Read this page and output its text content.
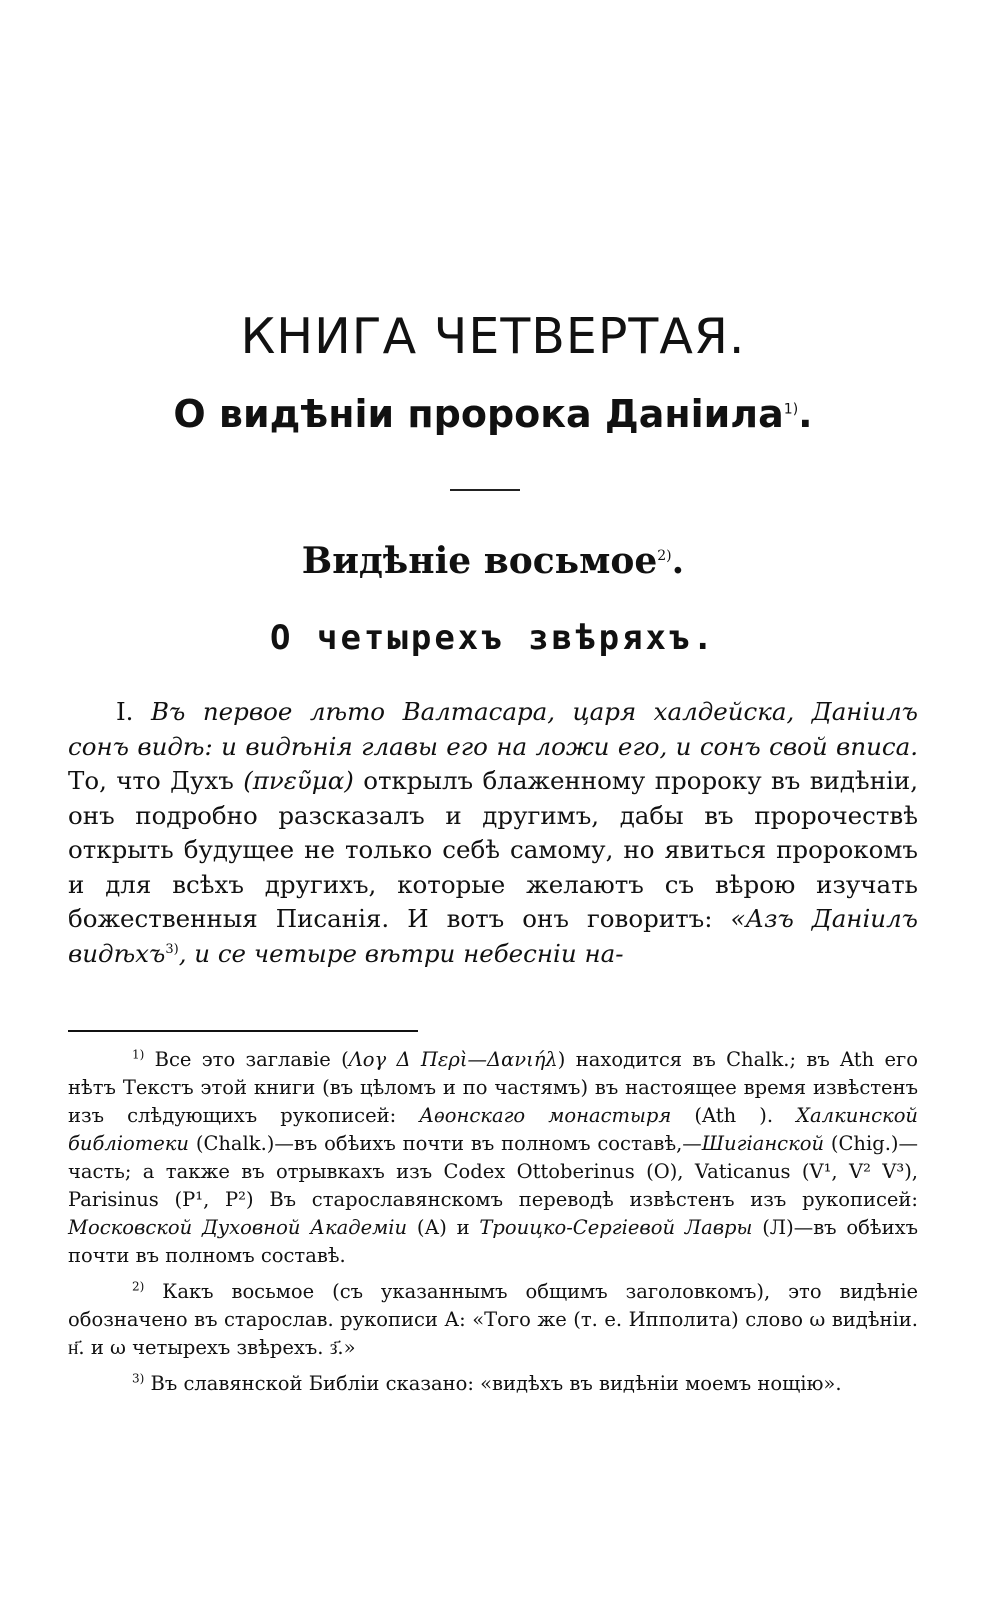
КНИГА ЧЕТВЕРТАЯ.
О видѣніи пророка Даніила$^{1)}$.
Видѣніе восьмое$^{2)}$.
О четырехъ звѣряхъ.

I. Въ первое лѣто Валтасара, царя халдейска, Даніилъ сонъ видѣ: и видѣнія главы его на ложи его, и сонъ свой вписа. То, что Духъ (πνεῦμα) открылъ блаженному пророку въ видѣніи, онъ подробно разсказалъ и другимъ, дабы въ пророчествѣ открыть будущее не только себѣ самому, но явиться пророкомъ и для всѣхъ другихъ, которые желаютъ съ вѣрою изучать божественныя Писанія. И вотъ онъ говоритъ: «Азъ Даніилъ видѣхъ$^{3)}$, и се четыре вѣтри небесніи на-

$^{1)}$ Все это заглавіе (Λογ Δ Περὶ—Δανιήλ) находится въ Chalk.; въ Ath его нѣтъ Текстъ этой книги (въ цѣломъ и по частямъ) въ настоящее время извѣстенъ изъ слѣдующихъ рукописей: Аѳонскаго монастыря (Ath ). Халкинской библіотеки (Chalk.)—въ обѣихъ почти въ полномъ составѣ,—Шигіанской (Chig.)—часть; а также въ отрывкахъ изъ Codex Ottoberinus (O), Vaticanus (V¹, V² V³), Parisinus (P¹, P²) Въ старославянскомъ переводѣ извѣстенъ изъ рукописей: Московской Духовной Академіи (А) и Троицко-Сергіевой Лавры (Л)—въ обѣихъ почти въ полномъ составѣ.

$^{2)}$ Какъ восьмое (съ указаннымъ общимъ заголовкомъ), это видѣніе обозначено въ старослав. рукописи А: «Того же (т. е. Ипполита) слово ω видѣніи. н҃. и ω четырехъ звѣрехъ. з҃.»

$^{3)}$ Въ славянской Библіи сказано: «видѣхъ въ видѣніи моемъ нощію».
